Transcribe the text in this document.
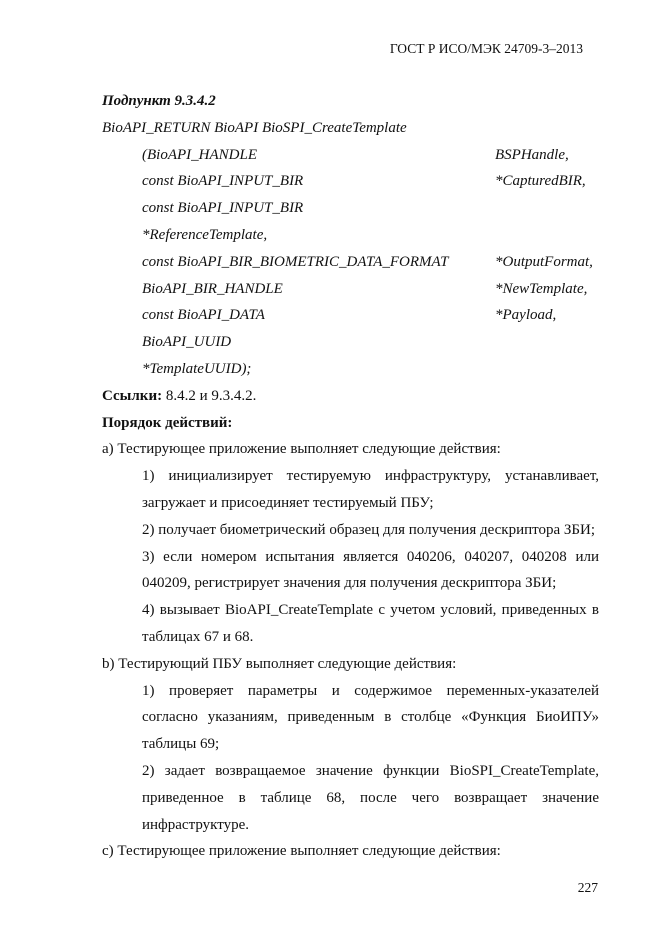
ГОСТ Р ИСО/МЭК 24709-3–2013
Подпункт 9.3.4.2
BioAPI_RETURN BioAPI BioSPI_CreateTemplate
(BioAPI_HANDLE	BSPHandle,
const BioAPI_INPUT_BIR	*CapturedBIR,
const BioAPI_INPUT_BIR
*ReferenceTemplate,
const BioAPI_BIR_BIOMETRIC_DATA_FORMAT	*OutputFormat,
BioAPI_BIR_HANDLE	*NewTemplate,
const BioAPI_DATA	*Payload,
BioAPI_UUID
*TemplateUUID);
Ссылки: 8.4.2 и 9.3.4.2.
Порядок действий:
а) Тестирующее приложение выполняет следующие действия:
1) инициализирует тестируемую инфраструктуру, устанавливает, загружает и присоединяет тестируемый ПБУ;
2) получает биометрический образец для получения дескриптора ЗБИ;
3) если номером испытания является 040206, 040207, 040208 или 040209, регистрирует значения для получения дескриптора ЗБИ;
4) вызывает BioAPI_CreateTemplate с учетом условий, приведенных в таблицах 67 и 68.
b) Тестирующий ПБУ выполняет следующие действия:
1) проверяет параметры и содержимое переменных-указателей согласно указаниям, приведенным в столбце «Функция БиоИПУ» таблицы 69;
2) задает возвращаемое значение функции BioSPI_CreateTemplate, приведенное в таблице 68, после чего возвращает значение инфраструктуре.
с) Тестирующее приложение выполняет следующие действия:
227
